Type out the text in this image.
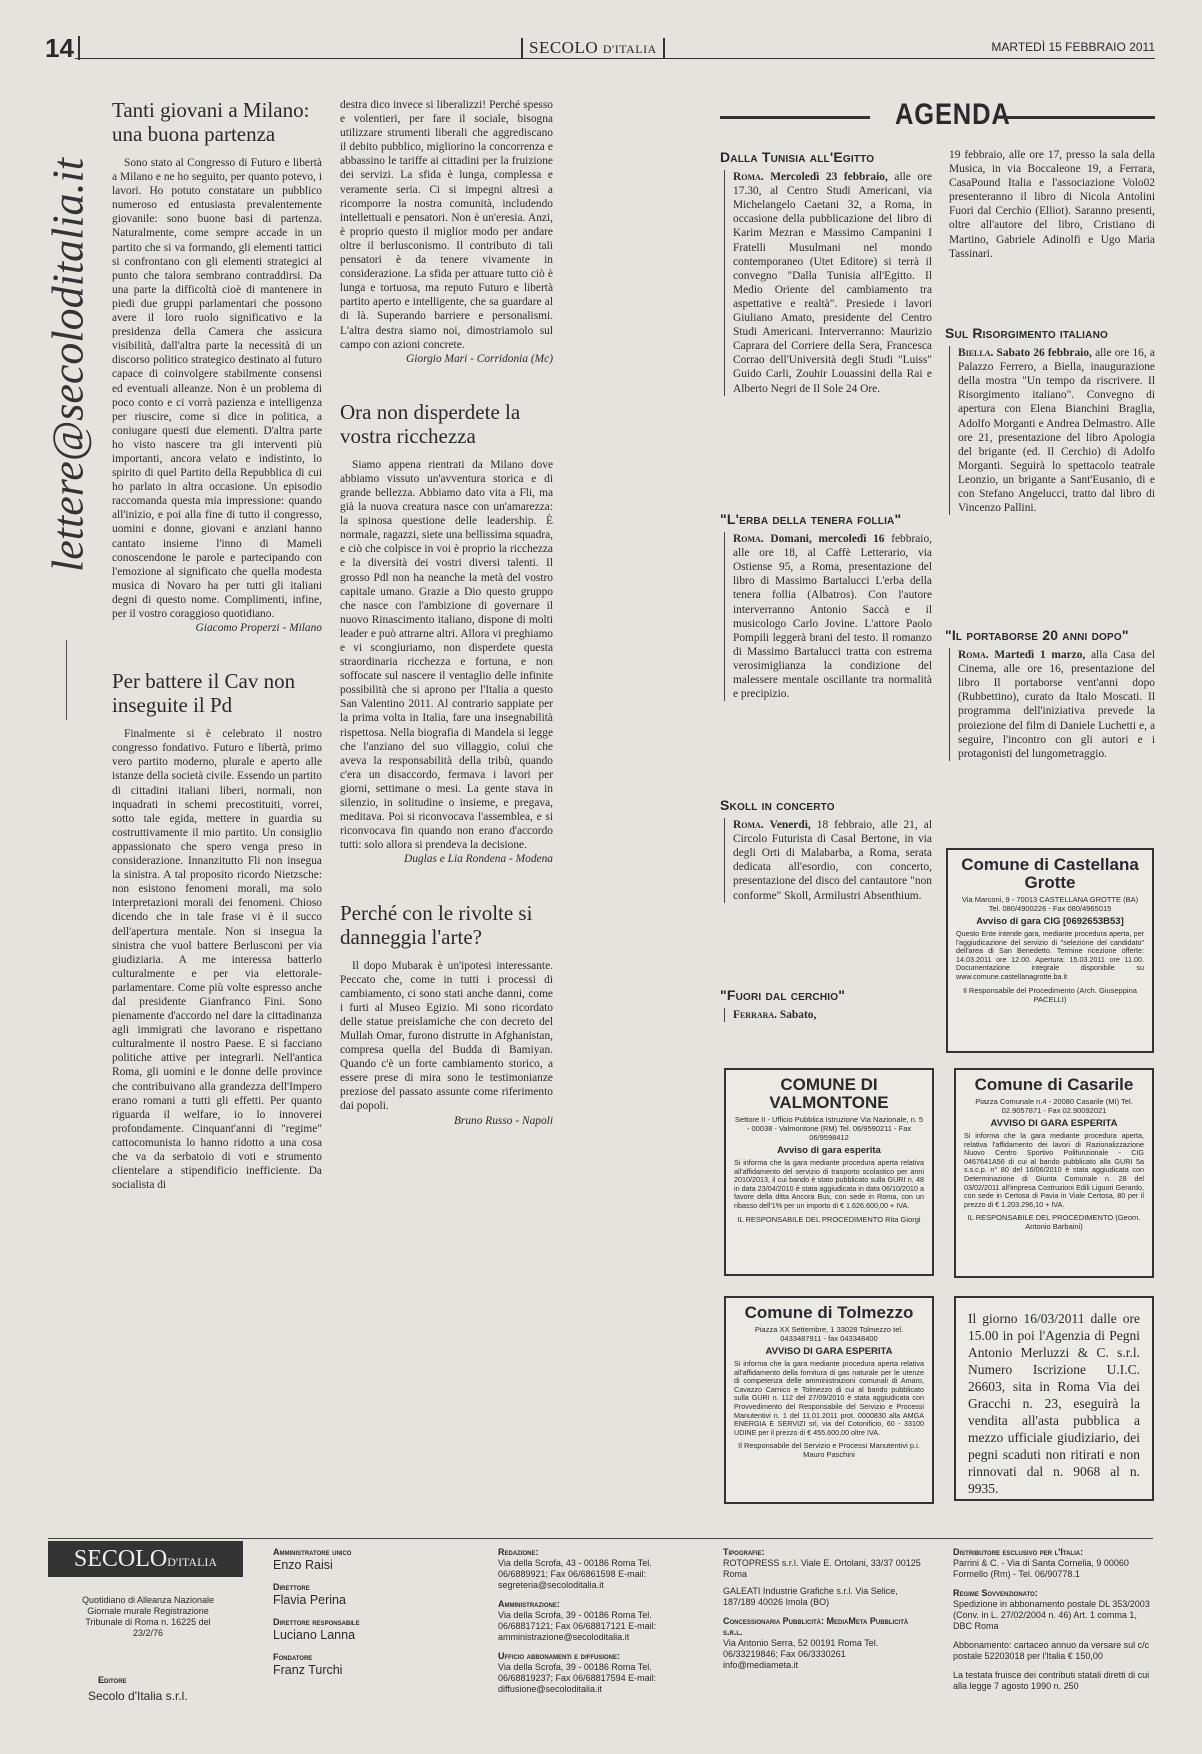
14	SECOLO D'ITALIA	MARTEDÌ 15 FEBBRAIO 2011
lettere@secoloditalia.it
Tanti giovani a Milano: una buona partenza

Sono stato al Congresso di Futuro e libertà a Milano e ne ho seguito, per quanto potevo, i lavori. Ho potuto constatare un pubblico numeroso ed entusiasta prevalentemente giovanile: sono buone basi di partenza. Naturalmente, come sempre accade in un partito che si va formando, gli elementi tattici si confrontano con gli elementi strategici al punto che talora sembrano contraddirsi. Da una parte la difficoltà cioè di mantenere in piedi due gruppi parlamentari che possono avere il loro ruolo significativo e la presidenza della Camera che assicura visibilità, dall'altra parte la necessità di un discorso politico strategico destinato al futuro capace di coinvolgere stabilmente consensi ed eventuali alleanze. Non è un problema di poco conto e ci vorrà pazienza e intelligenza per riuscire, come si dice in politica, a coniugare questi due elementi. D'altra parte ho visto nascere tra gli interventi più importanti, ancora velato e indistinto, lo spirito di quel Partito della Repubblica di cui ho parlato in altra occasione. Un episodio raccomanda questa mia impressione: quando all'inizio, e poi alla fine di tutto il congresso, uomini e donne, giovani e anziani hanno cantato insieme l'inno di Mameli conoscendone le parole e partecipando con l'emozione al significato che quella modesta musica di Novaro ha per tutti gli italiani degni di questo nome. Complimenti, infine, per il vostro coraggioso quotidiano.

Giacomo Properzi - Milano

Per battere il Cav non inseguite il Pd

Finalmente si è celebrato il nostro congresso fondativo. Futuro e libertà, primo vero partito moderno, plurale e aperto alle istanze della società civile. Essendo un partito di cittadini italiani liberi, normali, non inquadrati in schemi precostituiti, vorrei, sotto tale egida, mettere in guardia su costruttivamente il mio partito. Un consiglio appassionato che spero venga preso in considerazione. Innanzitutto Fli non insegua la sinistra. A tal proposito ricordo Nietzsche: non esistono fenomeni morali, ma solo interpretazioni morali dei fenomeni. Chioso dicendo che in tale frase vi è il succo dell'apertura mentale. Non si insegua la sinistra che vuol battere Berlusconi per via giudiziaria. A me interessa batterlo culturalmente e per via elettorale-parlamentare. Come più volte espresso anche dal presidente Gianfranco Fini. Sono pienamente d'accordo nel dare la cittadinanza agli immigrati che lavorano e rispettano culturalmente il nostro Paese. E si facciano politiche attive per integrarli. Nell'antica Roma, gli uomini e le donne delle province che contribuivano alla grandezza dell'Impero erano romani a tutti gli effetti. Per quanto riguarda il welfare, io lo innoverei profondamente. Cinquant'anni di "regime" cattocomunista lo hanno ridotto a una cosa che va da serbatoio di voti e strumento clientelare a stipendificio inefficiente. Da socialista di

destra dico invece si liberalizzi! Perché spesso e volentieri, per fare il sociale, bisogna utilizzare strumenti liberali che aggrediscano il debito pubblico, migliorino la concorrenza e abbassino le tariffe ai cittadini per la fruizione dei servizi. La sfida è lunga, complessa e veramente seria. Ci si impegni altresì a ricomporre la nostra comunità, includendo intellettuali e pensatori. Non è un'eresia. Anzi, è proprio questo il miglior modo per andare oltre il berlusconismo. Il contributo di tali pensatori è da tenere vivamente in considerazione. La sfida per attuare tutto ciò è lunga e tortuosa, ma reputo Futuro e libertà partito aperto e intelligente, che sa guardare al di là. Superando barriere e personalismi. L'altra destra siamo noi, dimostriamolo sul campo con azioni concrete.

Giorgio Mari - Corridonia (Mc)

Ora non disperdete la vostra ricchezza

Siamo appena rientrati da Milano dove abbiamo vissuto un'avventura storica e di grande bellezza. Abbiamo dato vita a Fli, ma già la nuova creatura nasce con un'amarezza: la spinosa questione delle leadership. È normale, ragazzi, siete una bellissima squadra, e ciò che colpisce in voi è proprio la ricchezza e la diversità dei vostri diversi talenti. Il grosso Pdl non ha neanche la metà del vostro capitale umano. Grazie a Dio questo gruppo che nasce con l'ambizione di governare il nuovo Rinascimento italiano, dispone di molti leader e può attrarne altri. Allora vi preghiamo e vi scongiuriamo, non disperdete questa straordinaria ricchezza e fortuna, e non soffocate sul nascere il ventaglio delle infinite possibilità che si aprono per l'Italia a questo San Valentino 2011. Al contrario sappiate per la prima volta in Italia, fare una insegnabilità rispettosa. Nella biografia di Mandela si legge che l'anziano del suo villaggio, colui che aveva la responsabilità della tribù, quando c'era un disaccordo, fermava i lavori per giorni, settimane o mesi. La gente stava in silenzio, in solitudine o insieme, e pregava, meditava. Poi si riconvocava l'assemblea, e si riconvocava fin quando non erano d'accordo tutti: solo allora si prendeva la decisione.

Duglas e Lia Rondena - Modena

Perché con le rivolte si danneggia l'arte?

Il dopo Mubarak è un'ipotesi interessante. Peccato che, come in tutti i processi di cambiamento, ci sono stati anche danni, come i furti al Museo Egizio. Mi sono ricordato delle statue preislamiche che con decreto del Mullah Omar, furono distrutte in Afghanistan, compresa quella del Budda di Bamiyan. Quando c'è un forte cambiamento storico, a essere prese di mira sono le testimonianze preziose del passato assunte come riferimento dai popoli.

Bruno Russo - Napoli

AGENDA
Dalla Tunisia all'Egitto
Roma. Mercoledì 23 febbraio, alle ore 17.30, al Centro Studi Americani, via Michelangelo Caetani 32, a Roma, in occasione della pubblicazione del libro di Karim Mezran e Massimo Campanini I Fratelli Musulmani nel mondo contemporaneo (Utet Editore) si terrà il convegno "Dalla Tunisia all'Egitto. Il Medio Oriente del cambiamento tra aspettative e realtà". Presiede i lavori Giuliano Amato, presidente del Centro Studi Americani. Interverranno: Maurizio Caprara del Corriere della Sera, Francesca Corrao dell'Università degli Studi "Luiss" Guido Carli, Zouhir Louassini della Rai e Alberto Negri de Il Sole 24 Ore.
"L'erba della tenera follia"
Roma. Domani, mercoledì 16 febbraio, alle ore 18, al Caffè Letterario, via Ostiense 95, a Roma, presentazione del libro di Massimo Bartalucci L'erba della tenera follia (Albatros). Con l'autore interverranno Antonio Saccà e il musicologo Carlo Jovine. L'attore Paolo Pompili leggerà brani del testo. Il romanzo di Massimo Bartalucci tratta con estrema verosimiglianza la condizione del malessere mentale oscillante tra normalità e precipizio.
Skoll in concerto
Roma. Venerdì, 18 febbraio, alle 21, al Circolo Futurista di Casal Bertone, in via degli Orti di Malabarba, a Roma, serata dedicata all'esordio, con concerto, presentazione del disco del cantautore "non conforme" Skoll, Armilustri Absenthium.
"Fuori dal cerchio"
Ferrara. Sabato,
19 febbraio, alle ore 17, presso la sala della Musica, in via Boccaleone 19, a Ferrara, CasaPound Italia e l'associazione Volo02 presenteranno il libro di Nicola Antolini Fuori dal Cerchio (Elliot). Saranno presenti, oltre all'autore del libro, Cristiano di Martino, Gabriele Adinolfi e Ugo Maria Tassinari.
Sul Risorgimento italiano
Biella. Sabato 26 febbraio, alle ore 16, a Palazzo Ferrero, a Biella, inaugurazione della mostra "Un tempo da riscrivere. Il Risorgimento italiano". Convegno di apertura con Elena Bianchini Braglia, Adolfo Morganti e Andrea Delmastro. Alle ore 21, presentazione del libro Apologia del brigante (ed. Il Cerchio) di Adolfo Morganti. Seguirà lo spettacolo teatrale Leonzio, un brigante a Sant'Eusanio, di e con Stefano Angelucci, tratto dal libro di Vincenzo Pallini.
"Il portaborse 20 anni dopo"
Roma. Martedì 1 marzo, alla Casa del Cinema, alle ore 16, presentazione del libro Il portaborse vent'anni dopo (Rubbettino), curato da Italo Moscati. Il programma dell'iniziativa prevede la proiezione del film di Daniele Luchetti e, a seguire, l'incontro con gli autori e i protagonisti del lungometraggio.
Comune di Castellana Grotte
Via Marconi, 9 - 70013 CASTELLANA GROTTE (BA) Tel. 080/4900226 - Fax 080/4965015
Avviso di gara CIG [0692653B53]
Questo Ente intende gara, mediante procedura aperta, per l'aggiudicazione del servizio di "selezione del candidato" dell'area di San Benedetto. Termine ricezione offerte: 14.03.2011 ore 12.00. Apertura: 15.03.2011 ore 11.00. Documentazione integrale disponibile su www.comune.castellanagrotte.ba.it
Il Responsabile del Procedimento (Arch. Giuseppina PACELLI)
COMUNE DI VALMONTONE
Settore II - Ufficio Pubblica Istruzione Via Nazionale, n. 5 - 00038 - Valmontone (RM) Tel. 06/9590211 - Fax 06/9598412
Avviso di gara esperita
Si informa che la gara mediante procedura aperta relativa all'affidamento del servizio di trasporto scolastico per anni 2010/2013, il cui bando è stato pubblicato sulla GURI n. 48 in data 23/04/2010 è stata aggiudicata in data 06/10/2010 a favore della ditta Ancora Bus, con sede in Roma, con un ribasso dell'1% per un importo di € 1.626.600,00 + IVA.
IL RESPONSABILE DEL PROCEDIMENTO Rita Giorgi
Comune di Casarile
Piazza Comunale n.4 - 20080 Casarile (MI) Tel. 02.9057871 - Fax 02.90092021
AVVISO DI GARA ESPERITA
Si informa che la gara mediante procedura aperta, relativa l'affidamento dei lavori di Razionalizzazione Nuovo Centro Sportivo Polifunzionale - CIG 0467641A56 di cui al bando pubblicato alla GURI 5a s.s.c.p. n° 80 del 16/06/2010 è stata aggiudicata con Determinazione di Giunta Comunale n. 28 del 03/02/2011 all'impresa Costruzioni Edili Liguori Gerardo, con sede in Certosa di Pavia in Viale Certosa, 80 per il prezzo di € 1.203.296,10 + IVA.
IL RESPONSABILE DEL PROCEDIMENTO (Geom. Antonio Barbaini)
Comune di Tolmezzo
Piazza XX Settembre, 1 33028 Tolmezzo tel. 0433487911 - fax 043348400
AVVISO DI GARA ESPERITA
Si informa che la gara mediante procedura aperta relativa all'affidamento della fornitura di gas naturale per le utenze di competenza delle amministrazioni comunali di Amaro, Cavazzo Carnico e Tolmezzo di cui al bando pubblicato sulla GURI n. 112 del 27/09/2010 è stata aggiudicata con Provvedimento del Responsabile del Servizio e Processi Manutentivi n. 1 del 11.01.2011 prot. 0000830 alla AMGA ENERGIA E SERVIZI srl, via del Cotonificio, 60 - 33100 UDINE per il prezzo di € 455.600,00 oltre IVA.
Il Responsabile del Servizio e Processi Manutentivi p.i. Mauro Paschini
Il giorno 16/03/2011 dalle ore 15.00 in poi l'Agenzia di Pegni Antonio Merluzzi & C. s.r.l. Numero Iscrizione U.I.C. 26603, sita in Roma Via dei Gracchi n. 23, eseguirà la vendita all'asta pubblica a mezzo ufficiale giudiziario, dei pegni scaduti non ritirati e non rinnovati dal n. 9068 al n. 9935.
SECOLOD'ITALIA
Quotidiano di Alleanza Nazionale Giornale murale Registrazione Tribunale di Roma n. 16225 del 23/2/76
Editore
Secolo d'Italia s.r.l.
Amministratore unico
Enzo Raisi
Direttore
Flavia Perina
Direttore responsabile
Luciano Lanna
Fondatore
Franz Turchi
Redazione:
Via della Scrofa, 43 - 00186 Roma Tel. 06/6889921; Fax 06/6861598 E-mail: segreteria@secoloditalia.it
Amministrazione:
Via della Scrofa, 39 - 00186 Roma Tel. 06/68817121; Fax 06/68817121 E-mail: amministrazione@secoloditalia.it
Ufficio abbonamenti e diffusione:
Via della Scrofa, 39 - 00186 Roma Tel. 06/68819237; Fax 06/68817594 E-mail: diffusione@secoloditalia.it
Tipografie:
ROTOPRESS s.r.l. Viale E. Ortolani, 33/37 00125 Roma
GALEATI Industrie Grafiche s.r.l. Via Selice, 187/189 40026 Imola (BO)
Concessionaria Pubblicità: MediaMeta Pubblicità s.r.l.
Via Antonio Serra, 52 00191 Roma Tel. 06/33219846; Fax 06/3330261 info@mediameta.it
Distributore esclusivo per l'Italia:
Parrini & C. - Via di Santa Cornelia, 9 00060 Formello (Rm) - Tel. 06/90778.1
Regime Sovvenzionato:
Spedizione in abbonamento postale DL 353/2003 (Conv. in L. 27/02/2004 n. 46) Art. 1 comma 1, DBC Roma
Abbonamento: cartaceo annuo da versare sul c/c postale 52203018 per l'Italia € 150,00
La testata fruisce dei contributi statali diretti di cui alla legge 7 agosto 1990 n. 250
